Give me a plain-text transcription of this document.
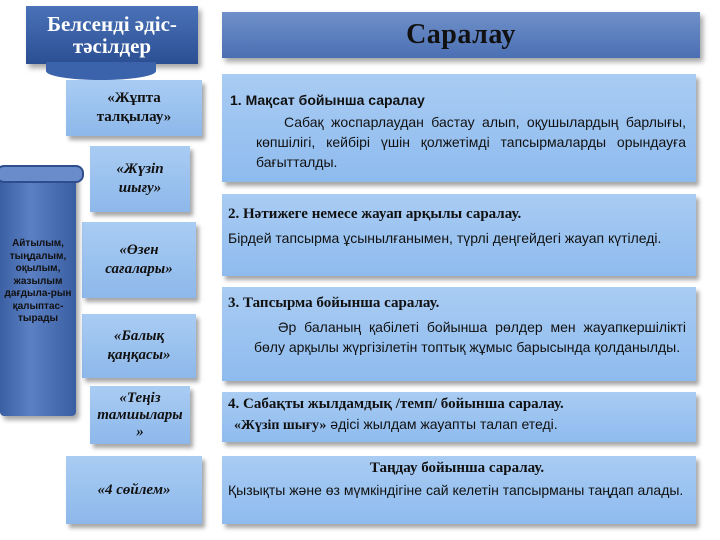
Белсенді әдіс-тәсілдер	Саралау
«Жұпта талқылау»
«Жүзіп шығу»
«Өзен сағалары»
«Балық қаңқасы»
«Теңіз тамшылары »
«4 сөйлем»
Айтылым, тыңдалым, оқылым, жазылым дағдыла-рын қалыптас-тырады
1. Мақсат бойынша саралау
Сабақ жоспарлаудан бастау алып, оқушылардың барлығы, көпшілігі, кейбірі үшін қолжетімді тапсырмаларды орындауға бағытталды.
2. Нәтижеге немесе жауап арқылы саралау.
Бірдей тапсырма ұсынылғанымен, түрлі деңгейдегі жауап күтіледі.
3. Тапсырма бойынша саралау.
Әр баланың қабілеті бойынша рөлдер мен жауапкершілікті бөлу арқылы жүргізілетін топтық жұмыс барысында қолданылды.
4. Сабақты жылдамдық /темп/ бойынша саралау.
«Жүзіп шығу» әдісі жылдам жауапты талап етеді.
Таңдау бойынша саралау.
Қызықты және өз мүмкіндігіне сай келетін тапсырманы таңдап алады.
